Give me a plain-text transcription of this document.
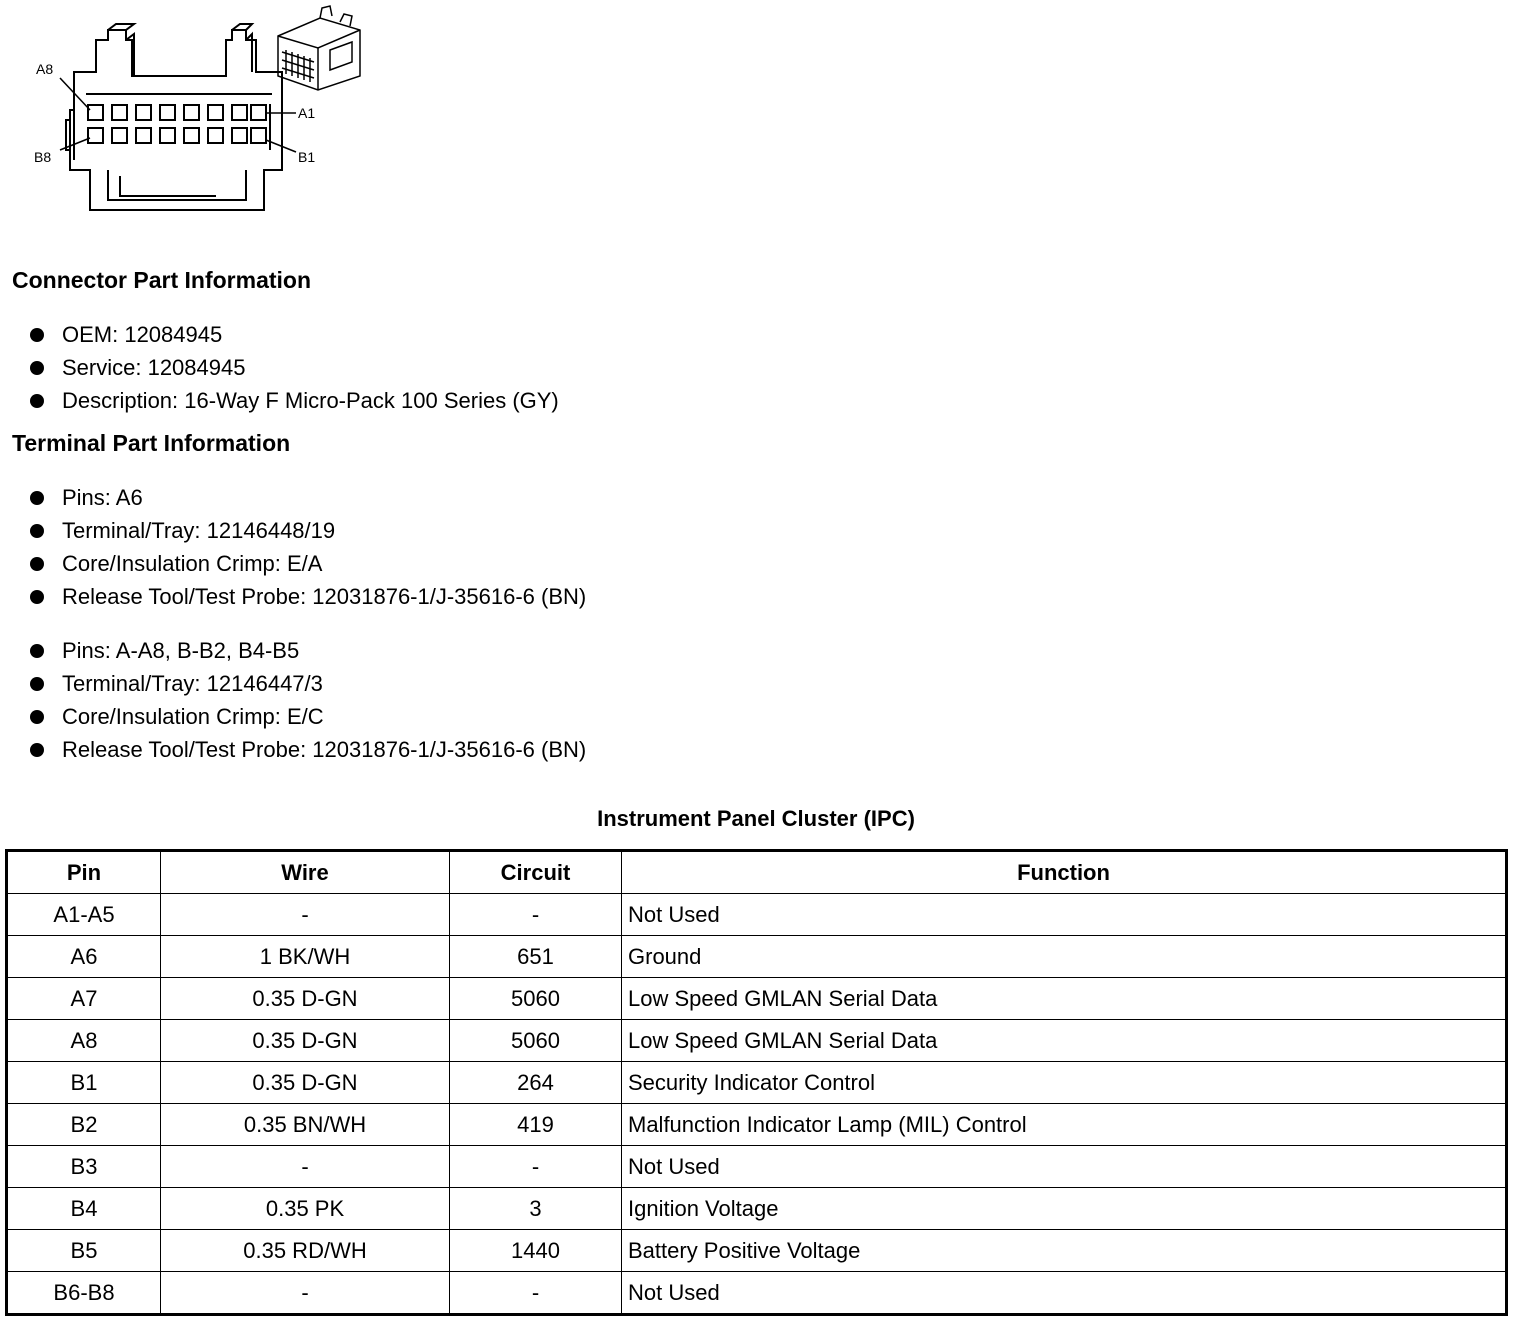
A8
A1
B8	B1
Connector Part Information
OEM: 12084945
Service: 12084945
Description: 16-Way F Micro-Pack 100 Series (GY)
Terminal Part Information
Pins: A6
Terminal/Tray: 12146448/19
Core/Insulation Crimp: E/A
Release Tool/Test Probe: 12031876-1/J-35616-6 (BN)
Pins: A-A8, B-B2, B4-B5
Terminal/Tray: 12146447/3
Core/Insulation Crimp: E/C
Release Tool/Test Probe: 12031876-1/J-35616-6 (BN)
Instrument Panel Cluster (IPC)
Pin	Wire	Circuit	Function
A1-A5	-	-	Not Used
A6	1 BK/WH	651	Ground
A7	0.35 D-GN	5060	Low Speed GMLAN Serial Data
A8	0.35 D-GN	5060	Low Speed GMLAN Serial Data
B1	0.35 D-GN	264	Security Indicator Control
B2	0.35 BN/WH	419	Malfunction Indicator Lamp (MIL) Control
B3	-	-	Not Used
B4	0.35 PK	3	Ignition Voltage
B5	0.35 RD/WH	1440	Battery Positive Voltage
B6-B8	-	-	Not Used
